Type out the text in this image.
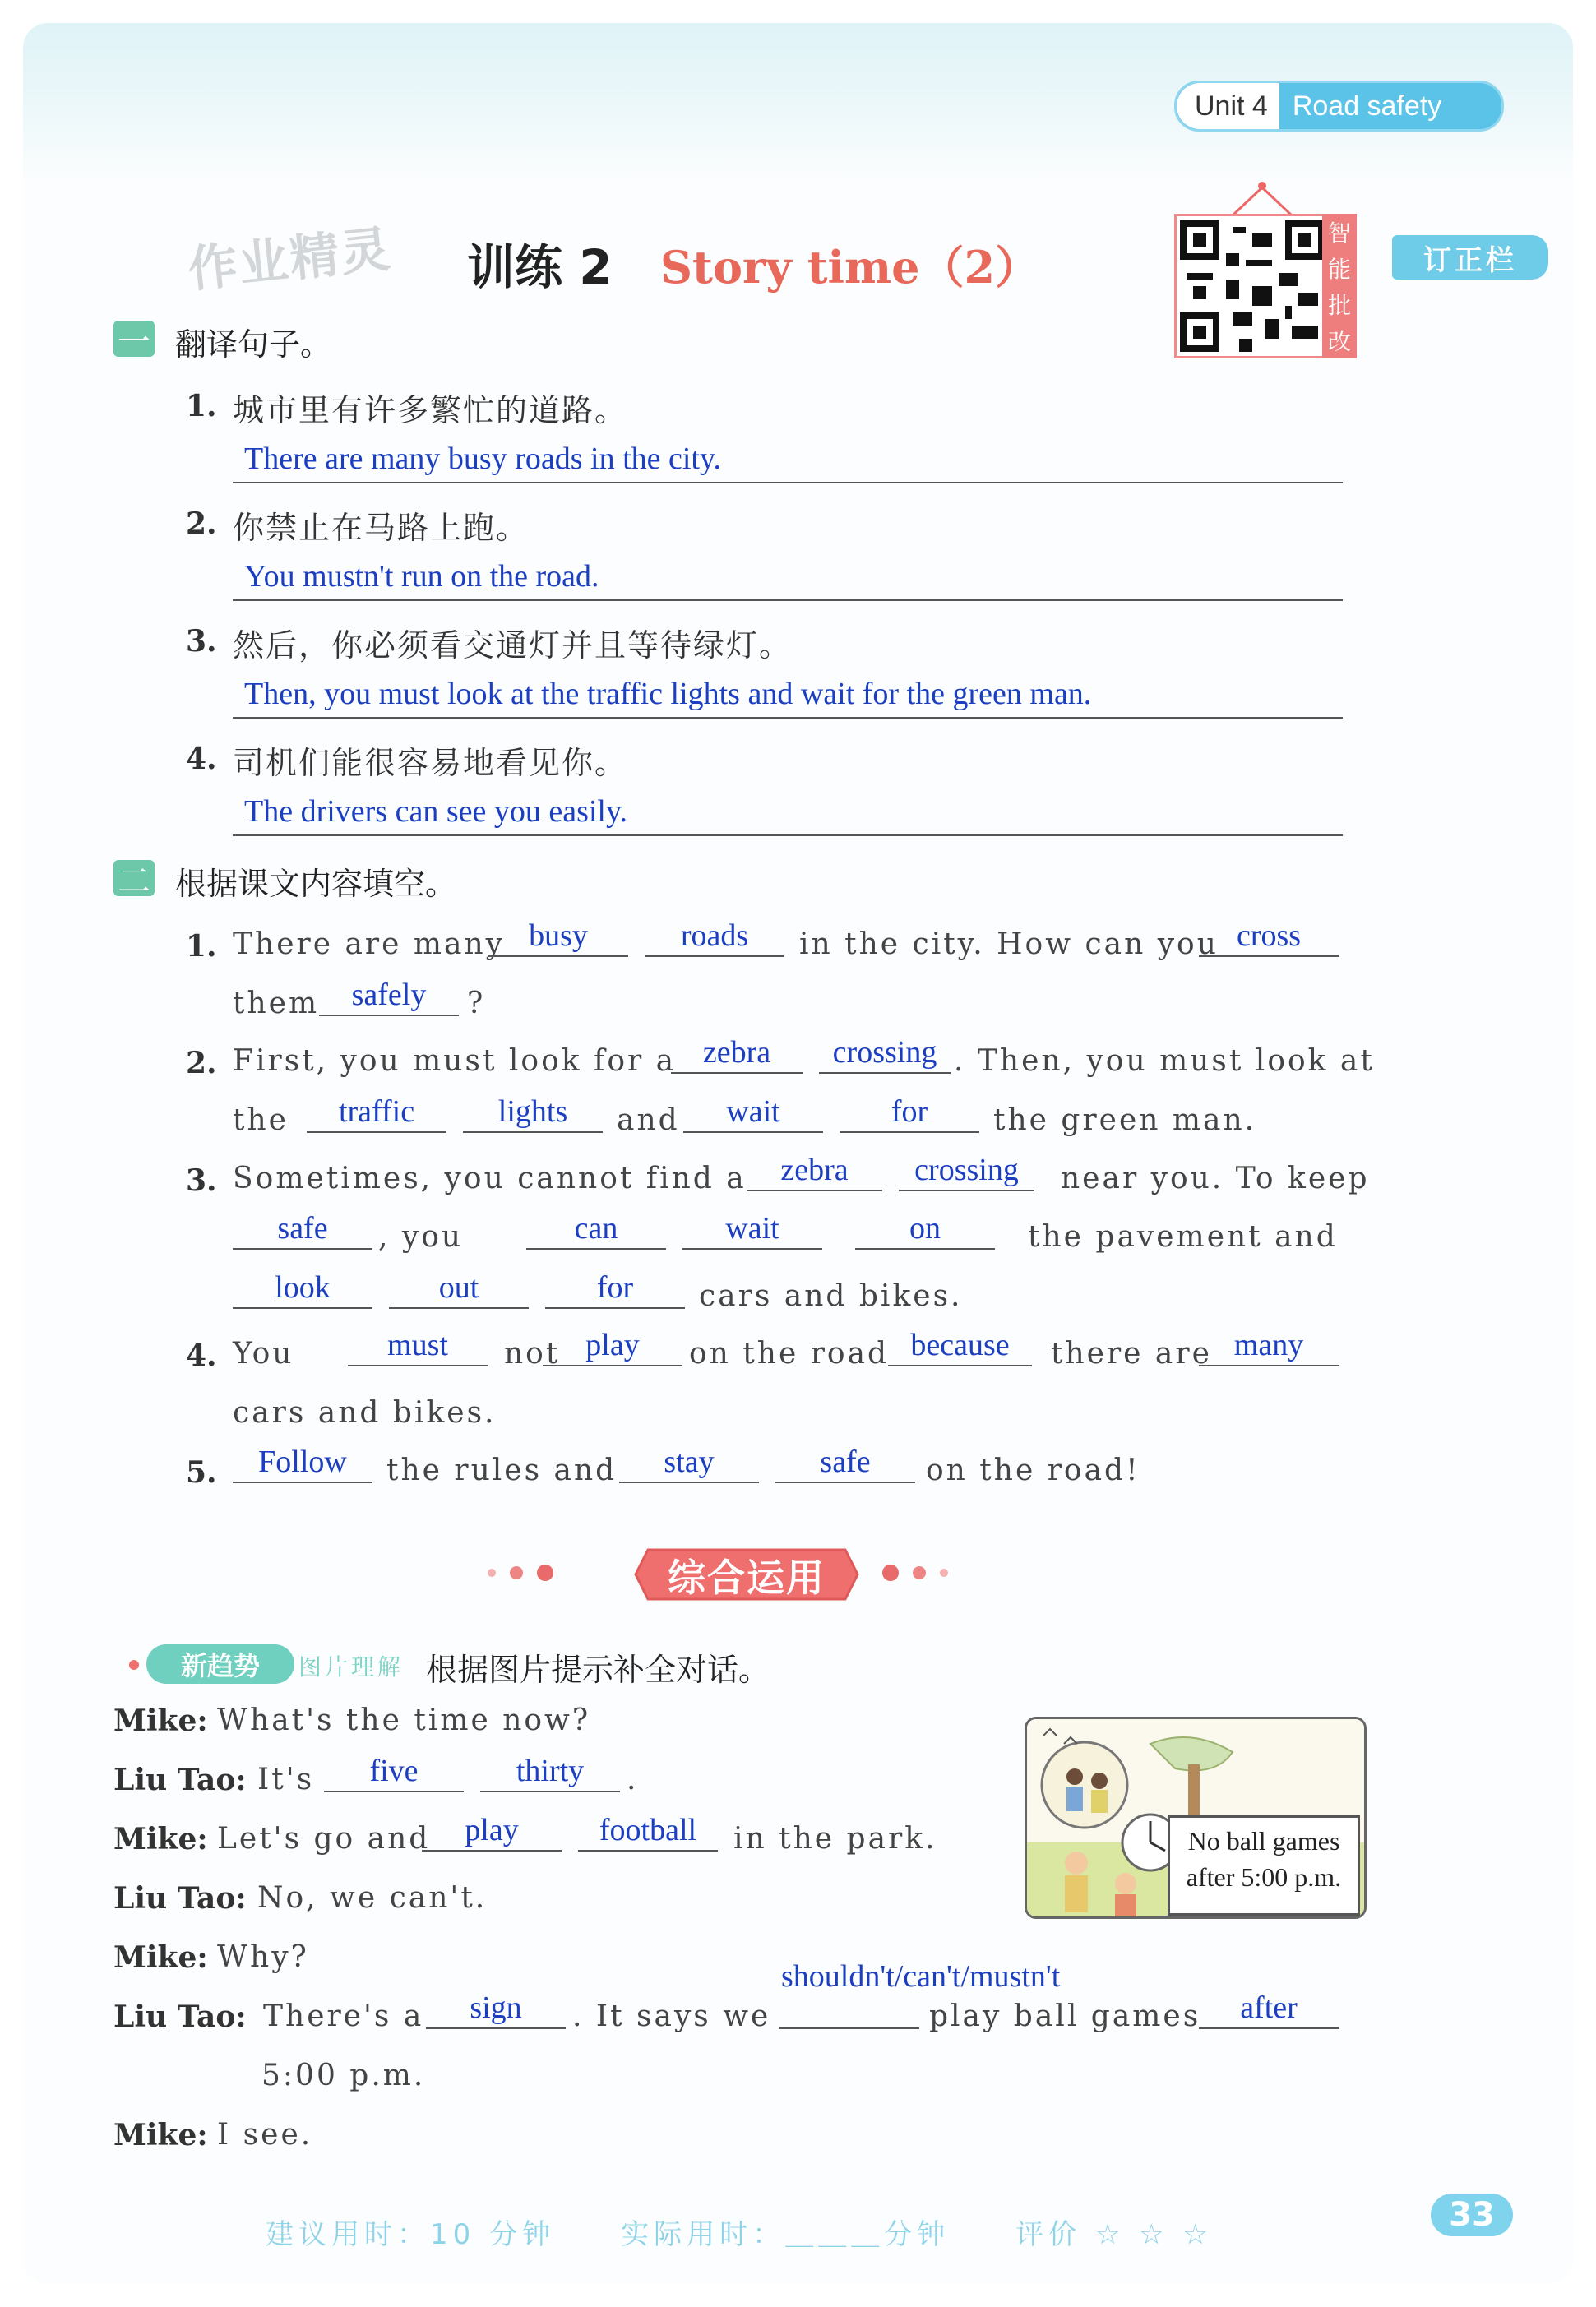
Unit 4 Road safety
作业精灵 训练 2 Story time（2）
智
能
批
改
订正栏
一 翻译句子。
1. 城市里有许多繁忙的道路。
There are many busy roads in the city.
2. 你禁止在马路上跑。
You mustn't run on the road.
3. 然后，你必须看交通灯并且等待绿灯。
Then, you must look at the traffic lights and wait for the green man.
4. 司机们能很容易地看见你。
The drivers can see you easily.
二 根据课文内容填空。
1. There are many busy	roads	in the city. How can you cross
them	safely	?
2. First, you must look for a zebra	crossing . Then, you must look at
the	traffic	lights	and	wait	for	the green man.
3. Sometimes, you cannot find a	zebra	crossing	near you. To keep
safe	, you	can	wait	on	the pavement and
look	out	for	cars and bikes.
4. You	must	not play	on the road because	there are many
cars and bikes.
5.	Follow	the rules and	stay	safe	on the road!
综合运用
新趋势	图片理解 根据图片提示补全对话。
No ball games
after 5:00 p.m.
Mike: What's the time now?
Liu Tao: It's	five	thirty	.
Mike: Let's go and	play	football	in the park.
Liu Tao: No, we can't.
Mike: Why?
shouldn't/can't/mustn't
Liu Tao: There's a	sign	. It says we	play ball games	after
5:00 p.m.
Mike: I see.
建议用时：10 分钟　　实际用时：＿＿＿分钟　　评价 ☆ ☆ ☆
33
